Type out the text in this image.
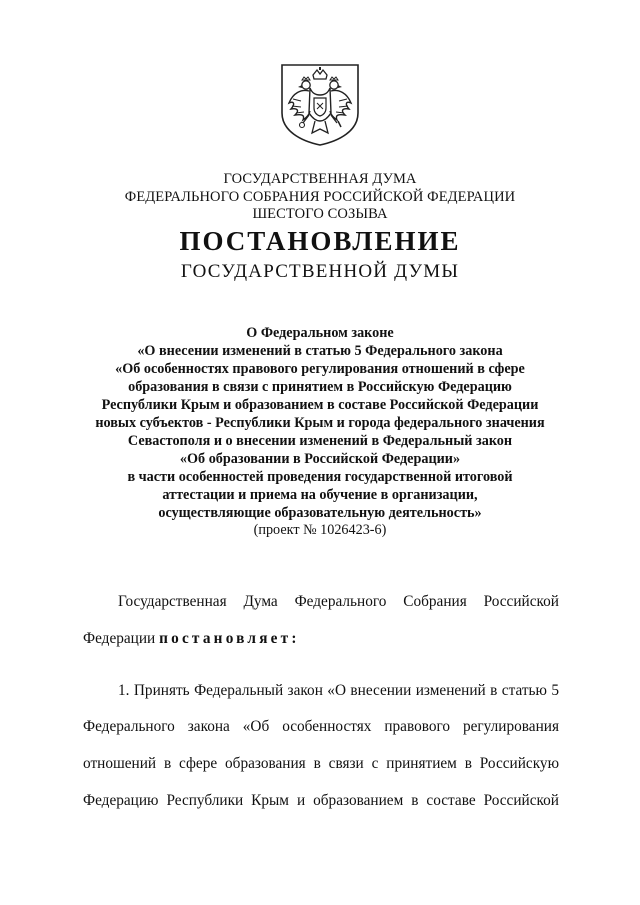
ГОСУДАРСТВЕННАЯ ДУМА
ФЕДЕРАЛЬНОГО СОБРАНИЯ РОССИЙСКОЙ ФЕДЕРАЦИИ
ШЕСТОГО СОЗЫВА
ПОСТАНОВЛЕНИЕ
ГОСУДАРСТВЕННОЙ ДУМЫ
О Федеральном законе
«О внесении изменений в статью 5 Федерального закона
«Об особенностях правового регулирования отношений в сфере
образования в связи с принятием в Российскую Федерацию
Республики Крым и образованием в составе Российской Федерации
новых субъектов - Республики Крым и города федерального значения
Севастополя и о внесении изменений в Федеральный закон
«Об образовании в Российской Федерации»
в части особенностей проведения государственной итоговой
аттестации и приема на обучение в организации,
осуществляющие образовательную деятельность»
(проект № 1026423-6)
Государственная Дума Федерального Собрания Российской
Федерации постановляет:
1. Принять Федеральный закон «О внесении изменений в статью 5
Федерального закона «Об особенностях правового регулирования
отношений в сфере образования в связи с принятием в Российскую
Федерацию Республики Крым и образованием в составе Российской
